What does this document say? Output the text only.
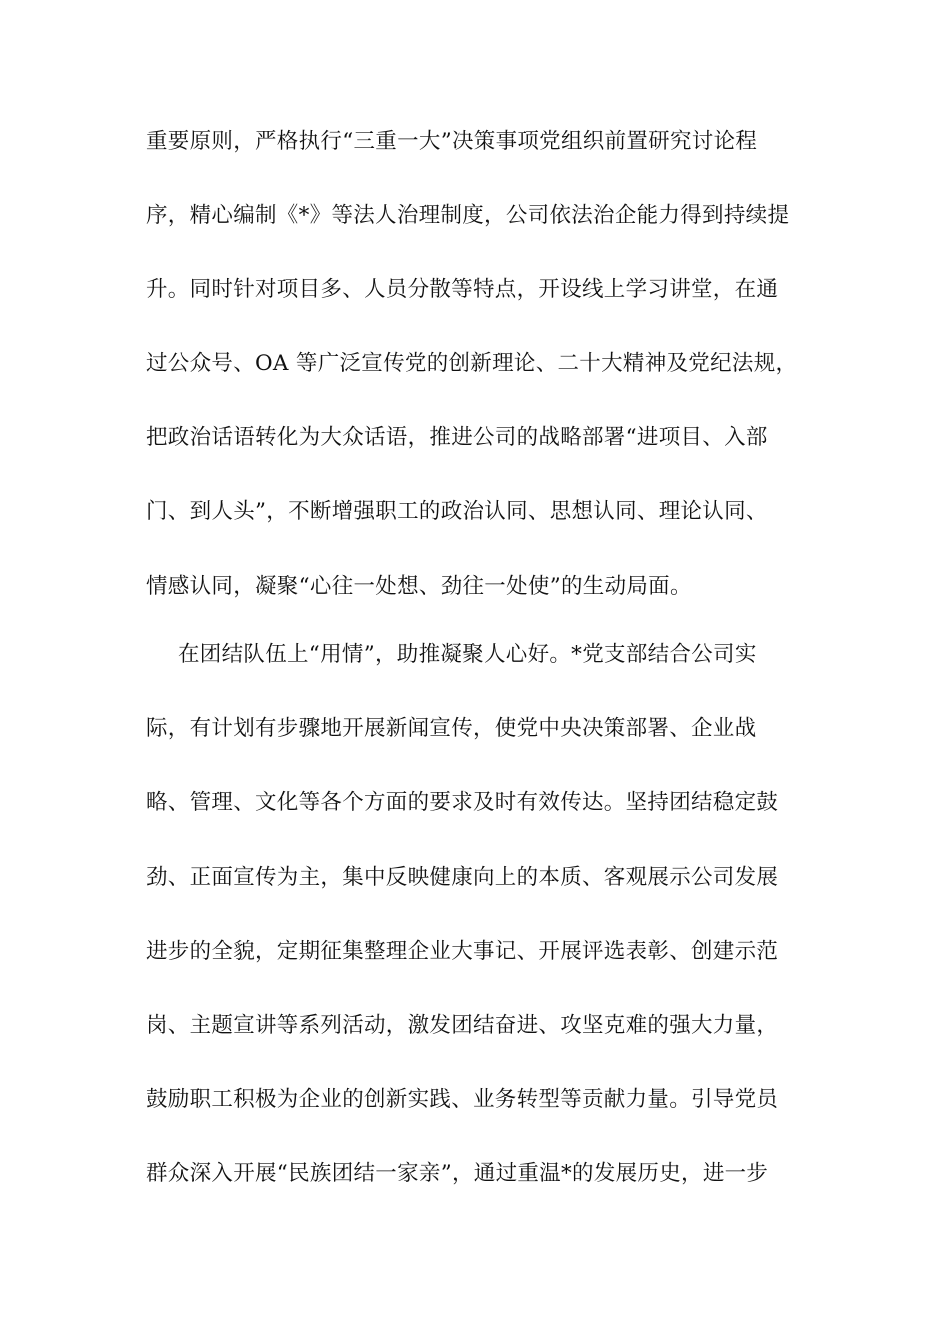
重要原则，严格执行“三重一大”决策事项党组织前置研究讨论程
序，精心编制《*》等法人治理制度，公司依法治企能力得到持续提
升。同时针对项目多、人员分散等特点，开设线上学习讲堂，在通
过公众号、OA 等广泛宣传党的创新理论、二十大精神及党纪法规，
把政治话语转化为大众话语，推进公司的战略部署“进项目、入部
门、到人头”，不断增强职工的政治认同、思想认同、理论认同、
情感认同，凝聚“心往一处想、劲往一处使”的生动局面。
在团结队伍上“用情”，助推凝聚人心好。*党支部结合公司实
际，有计划有步骤地开展新闻宣传，使党中央决策部署、企业战
略、管理、文化等各个方面的要求及时有效传达。坚持团结稳定鼓
劲、正面宣传为主，集中反映健康向上的本质、客观展示公司发展
进步的全貌，定期征集整理企业大事记、开展评选表彰、创建示范
岗、主题宣讲等系列活动，激发团结奋进、攻坚克难的强大力量，
鼓励职工积极为企业的创新实践、业务转型等贡献力量。引导党员
群众深入开展“民族团结一家亲”，通过重温*的发展历史，进一步
